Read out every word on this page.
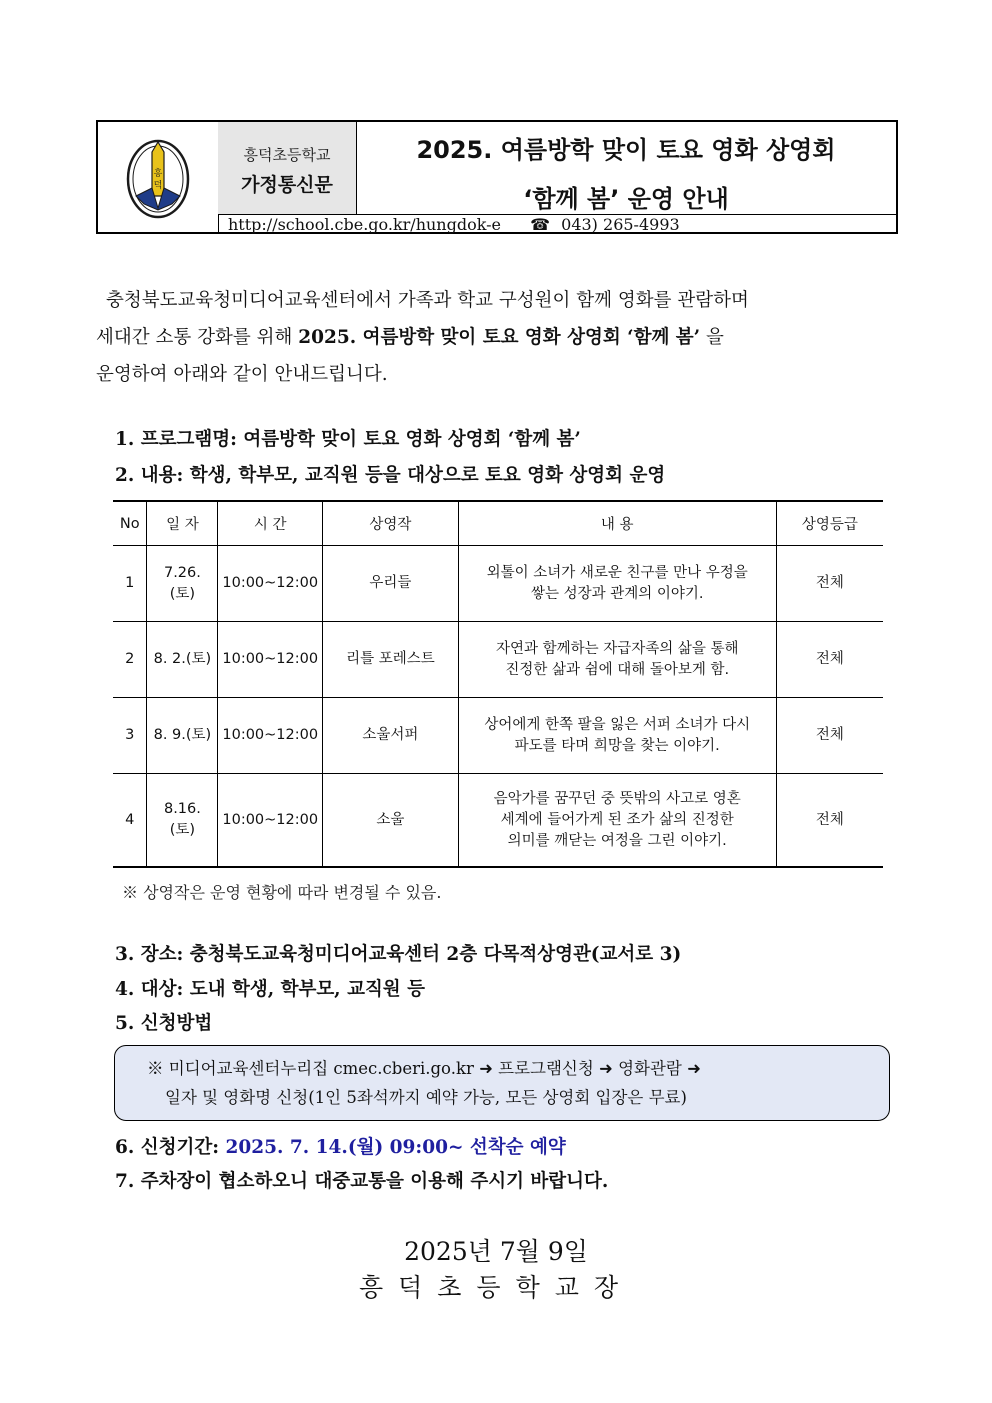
흥
덕
흥덕초등학교
가정통신문
2025. 여름방학 맞이 토요 영화 상영회
‘함께 봄’ 운영 안내
http://school.cbe.go.kr/hungdok-e ☎ 043) 265-4993

충청북도교육청미디어교육센터에서 가족과 학교 구성원이 함께 영화를 관람하며

세대간 소통 강화를 위해 2025. 여름방학 맞이 토요 영화 상영회 ‘함께 봄’ 을

운영하여 아래와 같이 안내드립니다.

1. 프로그램명: 여름방학 맞이 토요 영화 상영회 ‘함께 봄’
2. 내용: 학생, 학부모, 교직원 등을 대상으로 토요 영화 상영회 운영
No	일 자	시 간	상영작	내 용	상영등급
1	7.26.(토)	10:00~12:00	우리들	외톨이 소녀가 새로운 친구를 만나 우정을
쌓는 성장과 관계의 이야기.	전체
2	8. 2.(토)	10:00~12:00	리틀 포레스트	자연과 함께하는 자급자족의 삶을 통해
진정한 삶과 쉼에 대해 돌아보게 함.	전체
3	8. 9.(토)	10:00~12:00	소울서퍼	상어에게 한쪽 팔을 잃은 서퍼 소녀가 다시
파도를 타며 희망을 찾는 이야기.	전체
4	8.16.(토)	10:00~12:00	소울	음악가를 꿈꾸던 중 뜻밖의 사고로 영혼
세계에 들어가게 된 조가 삶의 진정한
의미를 깨닫는 여정을 그린 이야기.	전체
※ 상영작은 운영 현황에 따라 변경될 수 있음.
3. 장소: 충청북도교육청미디어교육센터 2층 다목적상영관(교서로 3)
4. 대상: 도내 학생, 학부모, 교직원 등
5. 신청방법
※ 미디어교육센터누리집 cmec.cberi.go.kr ➜ 프로그램신청 ➜ 영화관람 ➜
일자 및 영화명 신청(1인 5좌석까지 예약 가능, 모든 상영회 입장은 무료)
6. 신청기간: 2025. 7. 14.(월) 09:00~ 선착순 예약
7. 주차장이 협소하오니 대중교통을 이용해 주시기 바랍니다.
2025년 7월 9일
흥덕초등학교장
